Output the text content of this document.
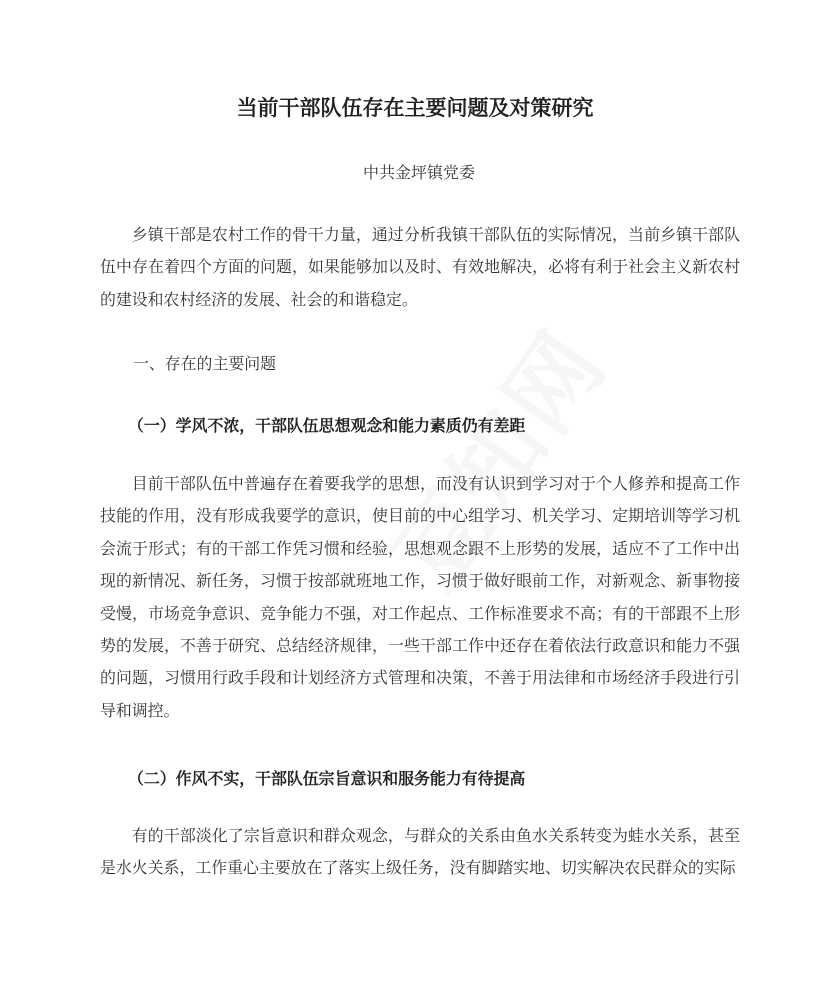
当前干部队伍存在主要问题及对策研究
中共金坪镇党委

乡镇干部是农村工作的骨干力量，通过分析我镇干部队伍的实际情况，当前乡镇干部队伍中存在着四个方面的问题，如果能够加以及时、有效地解决，必将有利于社会主义新农村的建设和农村经济的发展、社会的和谐稳定。

一、存在的主要问题
（一）学风不浓，干部队伍思想观念和能力素质仍有差距

目前干部队伍中普遍存在着要我学的思想，而没有认识到学习对于个人修养和提高工作技能的作用，没有形成我要学的意识，使目前的中心组学习、机关学习、定期培训等学习机会流于形式；有的干部工作凭习惯和经验，思想观念跟不上形势的发展，适应不了工作中出现的新情况、新任务，习惯于按部就班地工作，习惯于做好眼前工作，对新观念、新事物接受慢，市场竞争意识、竞争能力不强，对工作起点、工作标准要求不高；有的干部跟不上形势的发展，不善于研究、总结经济规律，一些干部工作中还存在着依法行政意识和能力不强的问题，习惯用行政手段和计划经济方式管理和决策，不善于用法律和市场经济手段进行引导和调控。

（二）作风不实，干部队伍宗旨意识和服务能力有待提高

有的干部淡化了宗旨意识和群众观念，与群众的关系由鱼水关系转变为蛙水关系，甚至是水火关系，工作重心主要放在了落实上级任务，没有脚踏实地、切实解决农民群众的实际
